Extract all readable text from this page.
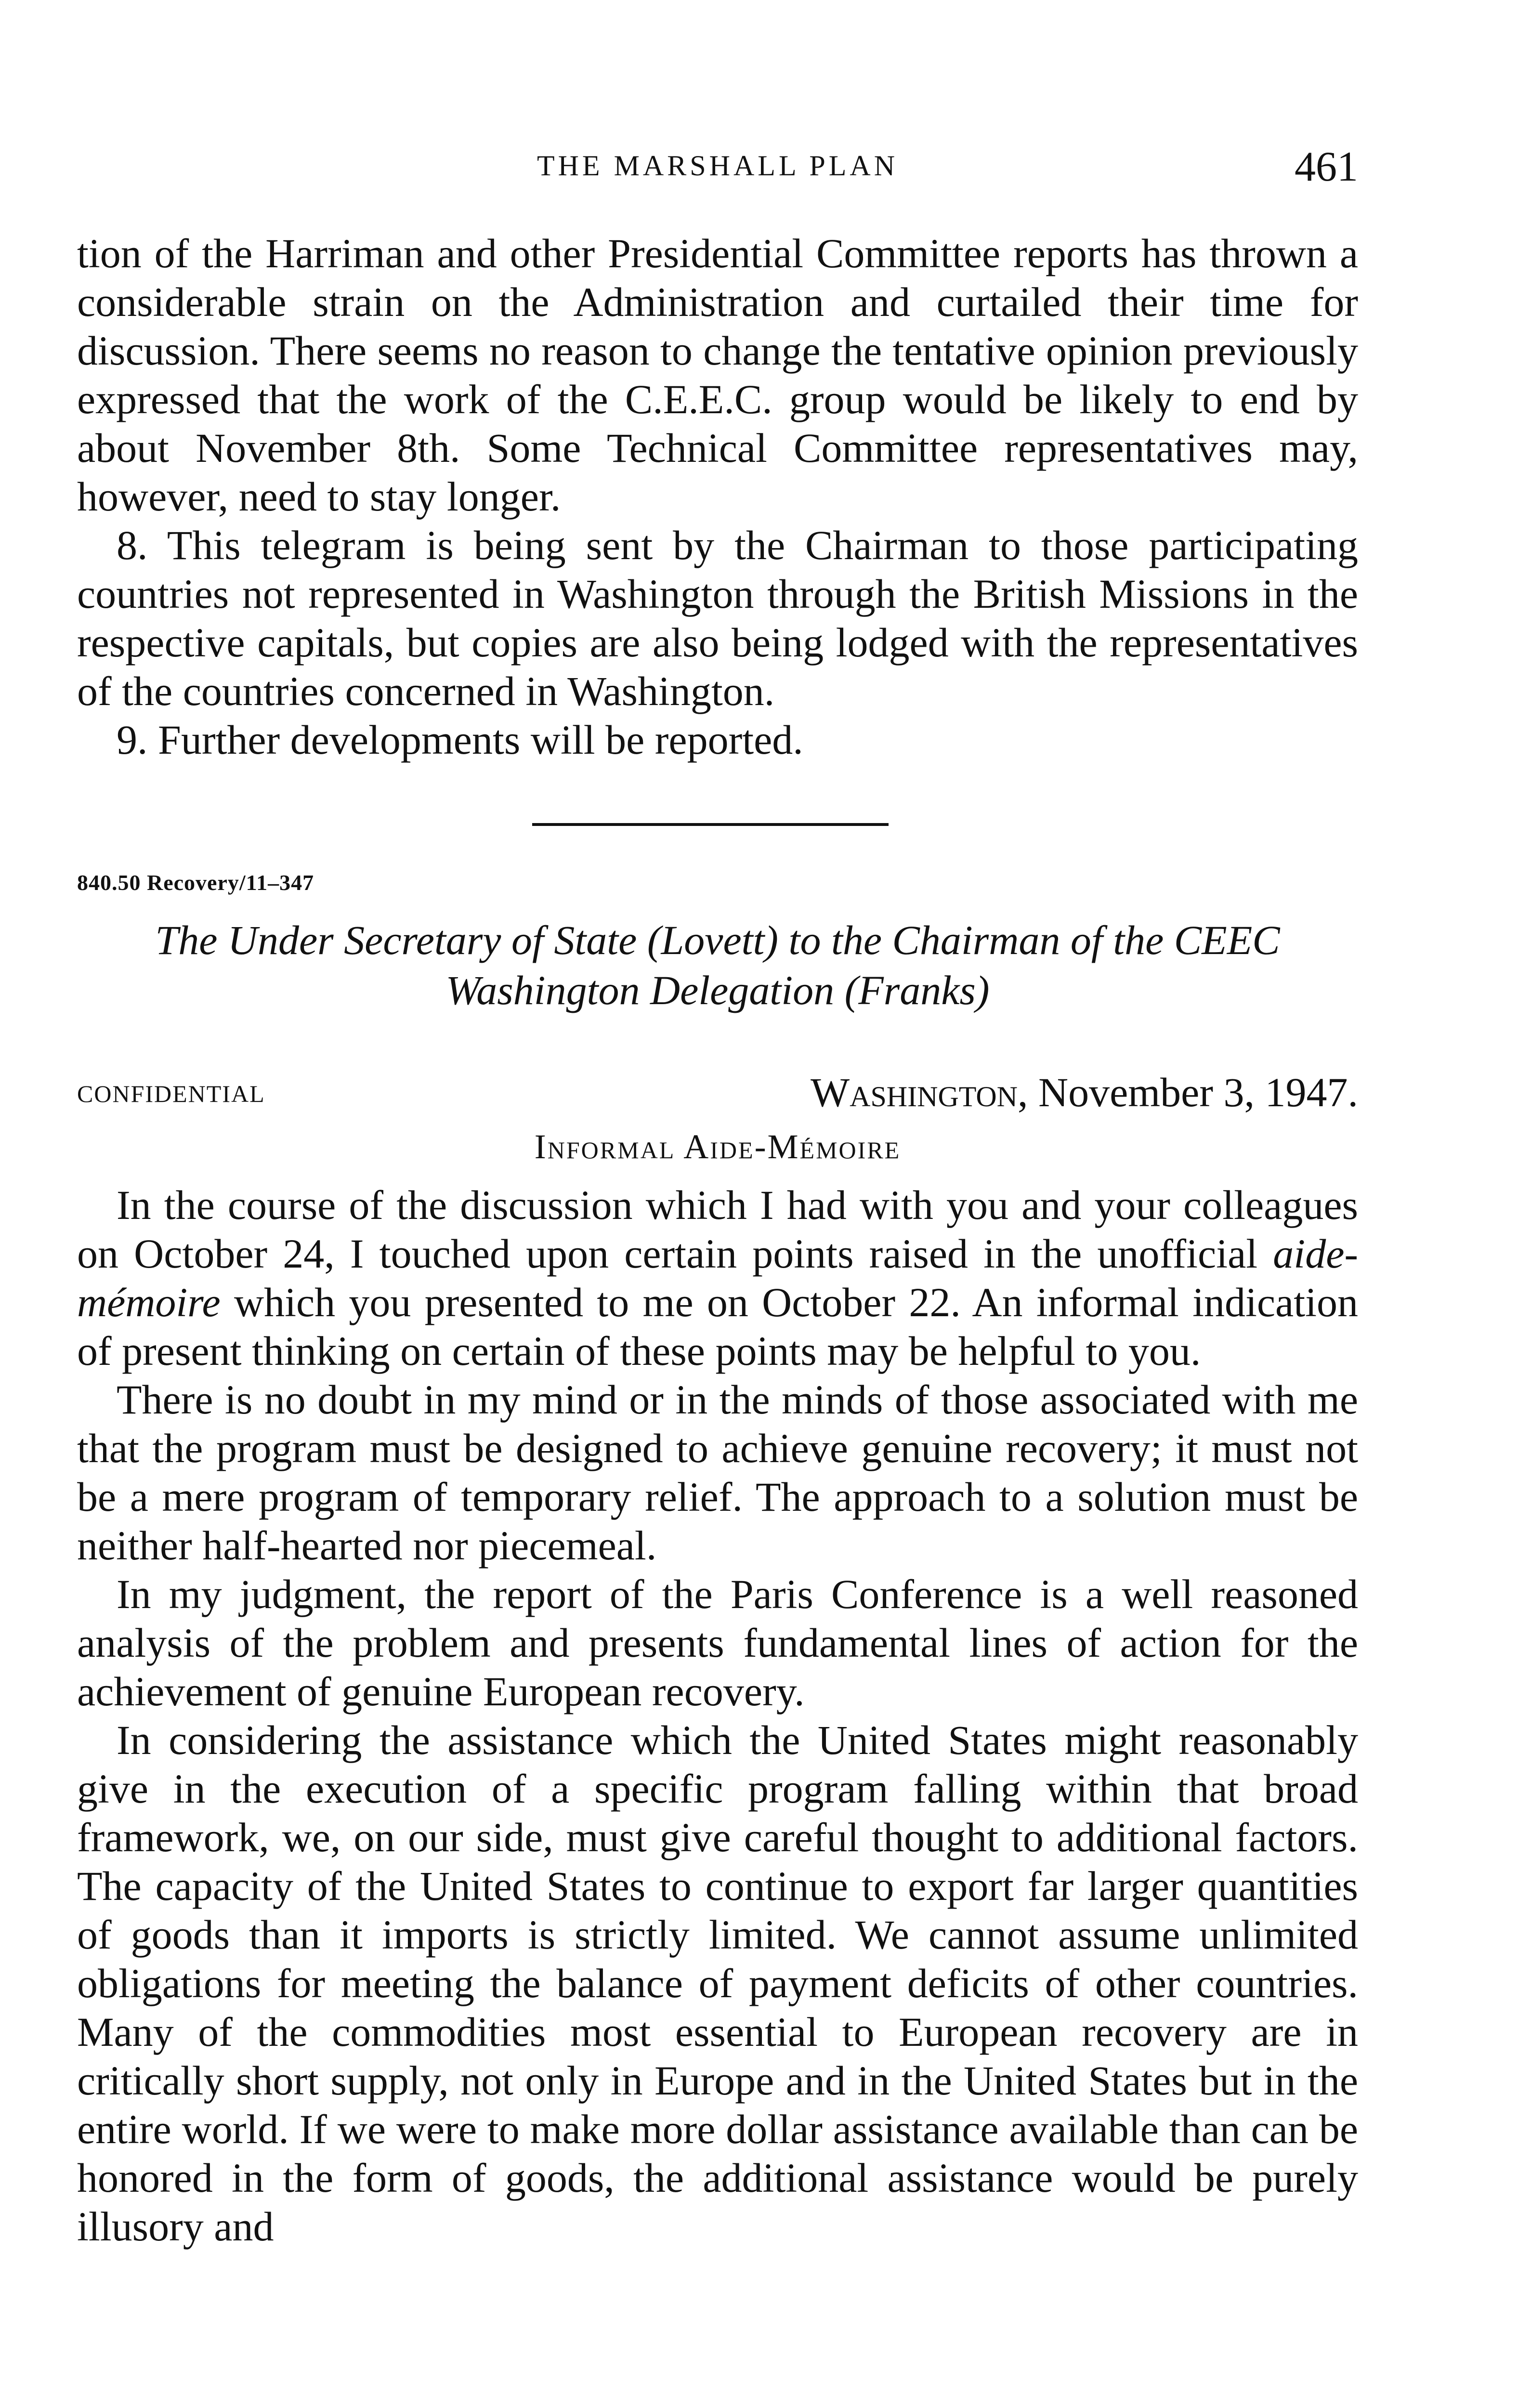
THE MARSHALL PLAN	461

tion of the Harriman and other Presidential Committee reports has thrown a considerable strain on the Administration and curtailed their time for discussion. There seems no reason to change the tentative opinion previously expressed that the work of the C.E.E.C. group would be likely to end by about November 8th. Some Technical Committee representatives may, however, need to stay longer.

8. This telegram is being sent by the Chairman to those participating countries not represented in Washington through the British Missions in the respective capitals, but copies are also being lodged with the representatives of the countries concerned in Washington.

9. Further developments will be reported.

840.50 Recovery/11–347
The Under Secretary of State (Lovett) to the Chairman of the CEEC
Washington Delegation (Franks)
CONFIDENTIAL	Washington, November 3, 1947.
Informal Aide-Mémoire

In the course of the discussion which I had with you and your colleagues on October 24, I touched upon certain points raised in the unofficial aide-mémoire which you presented to me on October 22. An informal indication of present thinking on certain of these points may be helpful to you.

There is no doubt in my mind or in the minds of those associated with me that the program must be designed to achieve genuine recovery; it must not be a mere program of temporary relief. The approach to a solution must be neither half-hearted nor piecemeal.

In my judgment, the report of the Paris Conference is a well reasoned analysis of the problem and presents fundamental lines of action for the achievement of genuine European recovery.

In considering the assistance which the United States might reasonably give in the execution of a specific program falling within that broad framework, we, on our side, must give careful thought to additional factors. The capacity of the United States to continue to export far larger quantities of goods than it imports is strictly limited. We cannot assume unlimited obligations for meeting the balance of payment deficits of other countries. Many of the commodities most essential to European recovery are in critically short supply, not only in Europe and in the United States but in the entire world. If we were to make more dollar assistance available than can be honored in the form of goods, the additional assistance would be purely illusory and
